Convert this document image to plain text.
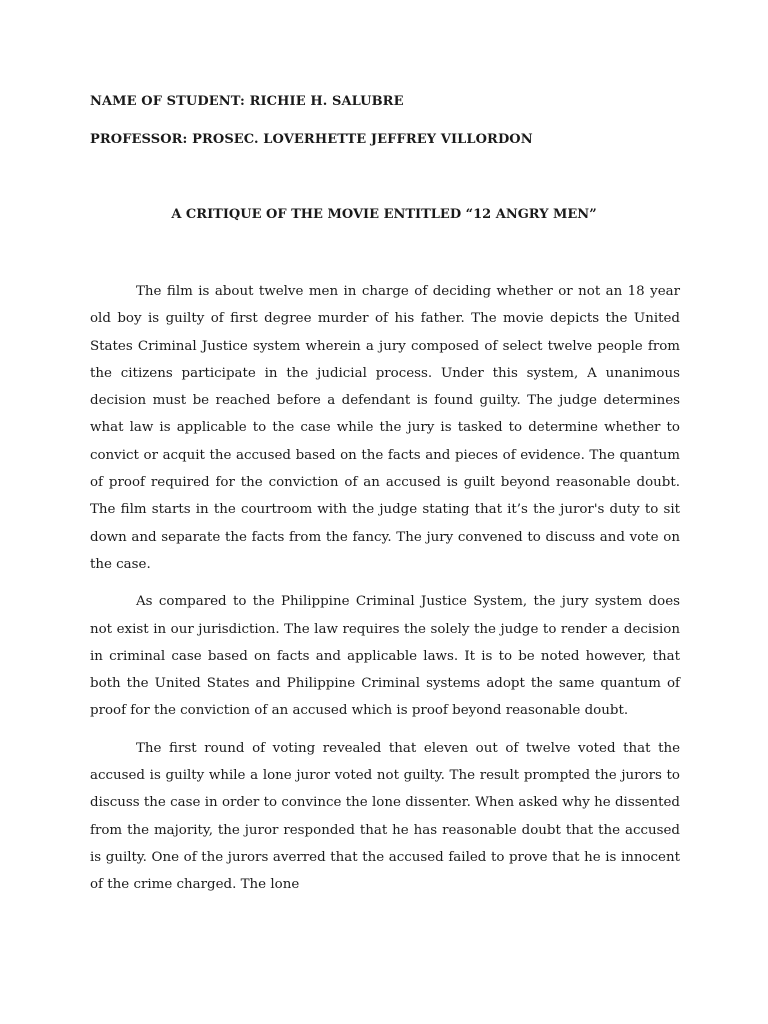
NAME OF STUDENT: RICHIE H. SALUBRE
PROFESSOR: PROSEC. LOVERHETTE JEFFREY VILLORDON
A CRITIQUE OF THE MOVIE ENTITLED “12 ANGRY MEN”

The film is about twelve men in charge of deciding whether or not an 18 year old boy is guilty of first degree murder of his father. The movie depicts the United States Criminal Justice system wherein a jury composed of select twelve people from the citizens participate in the judicial process. Under this system, A unanimous decision must be reached before a defendant is found guilty. The judge determines what law is applicable to the case while the jury is tasked to determine whether to convict or acquit the accused based on the facts and pieces of evidence. The quantum of proof required for the conviction of an accused is guilt beyond reasonable doubt. The film starts in the courtroom with the judge stating that it’s the juror's duty to sit down and separate the facts from the fancy. The jury convened to discuss and vote on the case.

As compared to the Philippine Criminal Justice System, the jury system does not exist in our jurisdiction. The law requires the solely the judge to render a decision in criminal case based on facts and applicable laws. It is to be noted however, that both the United States and Philippine Criminal systems adopt the same quantum of proof for the conviction of an accused which is proof beyond reasonable doubt.

The first round of voting revealed that eleven out of twelve voted that the accused is guilty while a lone juror voted not guilty. The result prompted the jurors to discuss the case in order to convince the lone dissenter. When asked why he dissented from the majority, the juror responded that he has reasonable doubt that the accused is guilty. One of the jurors averred that the accused failed to prove that he is innocent of the crime charged. The lone
